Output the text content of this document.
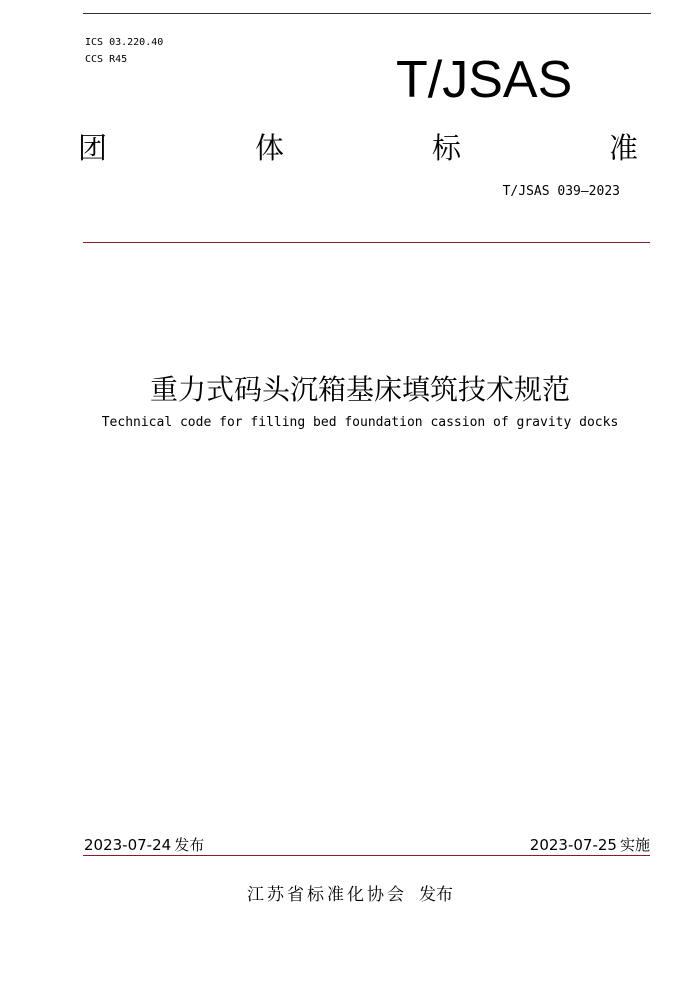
ICS 03.220.40
CCS R45	T/JSAS
团	体	标	准
T/JSAS 039—2023
重力式码头沉箱基床填筑技术规范
Technical code for filling bed foundation cassion of gravity docks
2023-07-24 发布	2023-07-25 实施
江苏省标准化协会 发布
